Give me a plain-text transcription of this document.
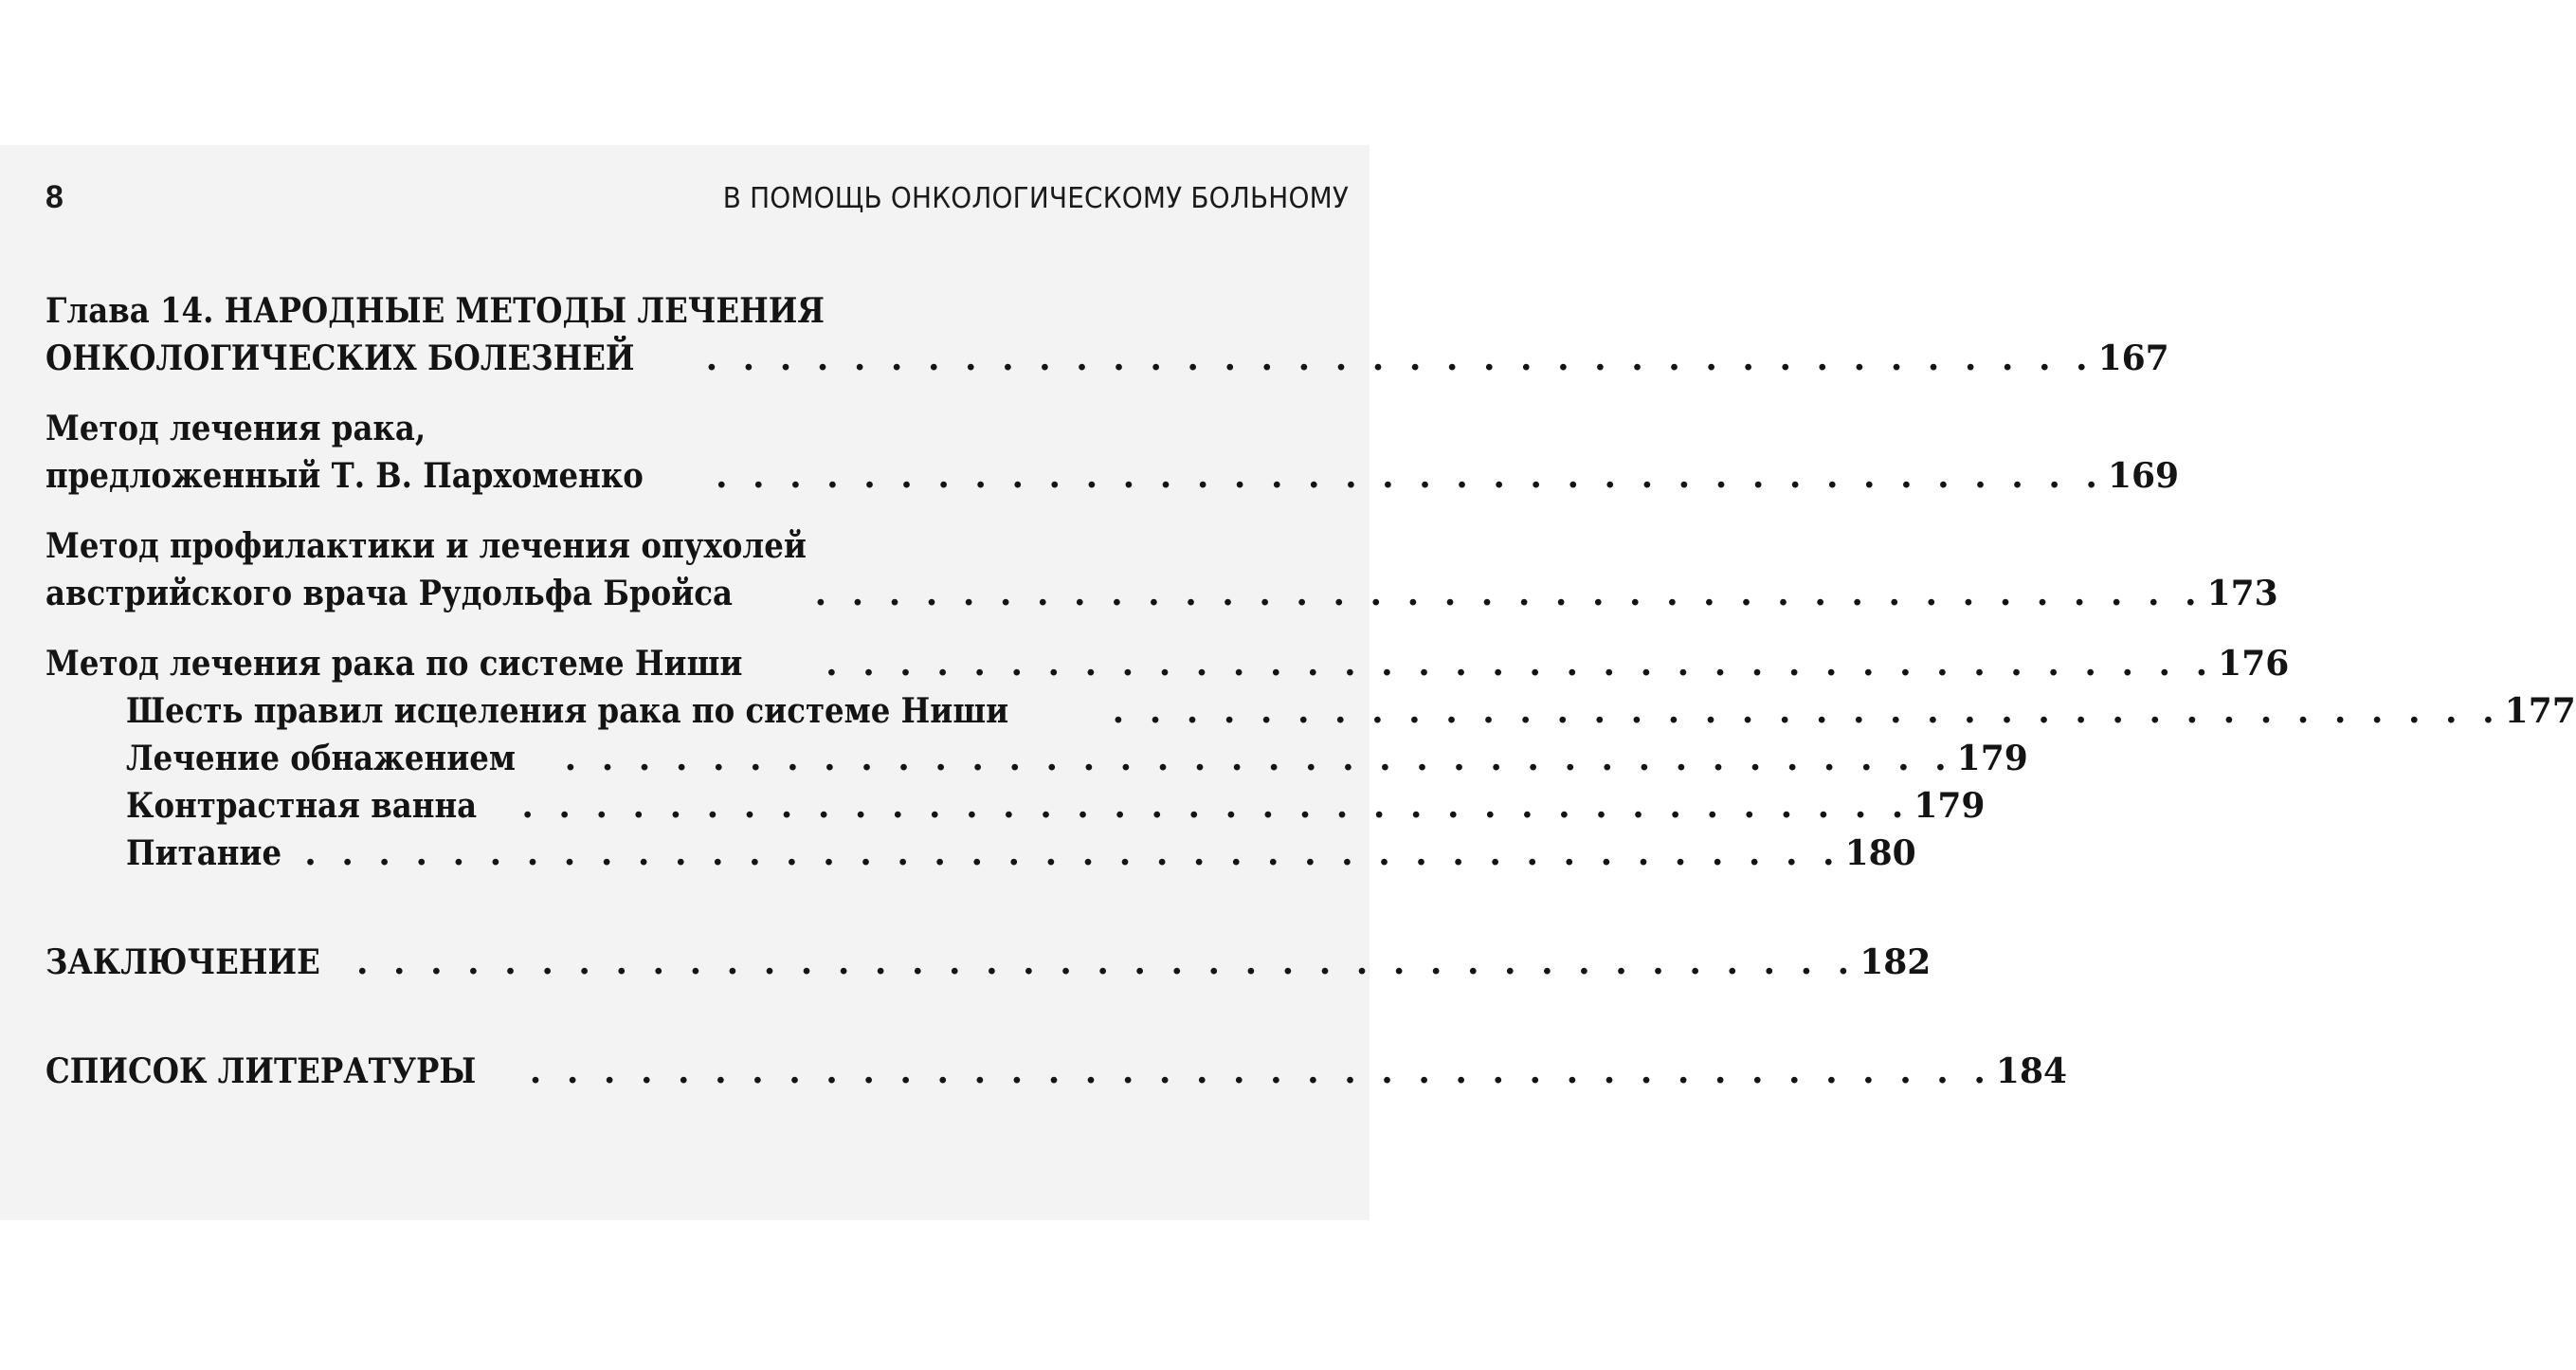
8	В ПОМОЩЬ ОНКОЛОГИЧЕСКОМУ БОЛЬНОМУ
Глава 14. НАРОДНЫЕ МЕТОДЫ ЛЕЧЕНИЯ
ОНКОЛОГИЧЕСКИХ БОЛЕЗНЕЙ . . . . . . . . . . . . . . . . . . . . . . . . . . . . . . . . . . . . . . 167
Метод лечения рака,
предложенный Т. В. Пархоменко . . . . . . . . . . . . . . . . . . . . . . . . . . . . . . . . . . . . . . 169
Метод профилактики и лечения опухолей
австрийского врача Рудольфа Бройса . . . . . . . . . . . . . . . . . . . . . . . . . . . . . . . . . . . . . . 173
Метод лечения рака по системе Ниши . . . . . . . . . . . . . . . . . . . . . . . . . . . . . . . . . . . . . . 176
Шесть правил исцеления рака по системе Ниши	. . . . . . . . . . . . . . . . . . . . . . . . . . . . . . . . . . . . . . 177
Лечение обнажением . . . . . . . . . . . . . . . . . . . . . . . . . . . . . . . . . . . . . . 179
Контрастная ванна . . . . . . . . . . . . . . . . . . . . . . . . . . . . . . . . . . . . . . 179
Питание . . . . . . . . . . . . . . . . . . . . . . . . . . . . . . . . . . . . . . . . . . 180
ЗАКЛЮЧЕНИЕ . . . . . . . . . . . . . . . . . . . . . . . . . . . . . . . . . . . . . . . . . 182
СПИСОК ЛИТЕРАТУРЫ . . . . . . . . . . . . . . . . . . . . . . . . . . . . . . . . . . . . . . . . 184
